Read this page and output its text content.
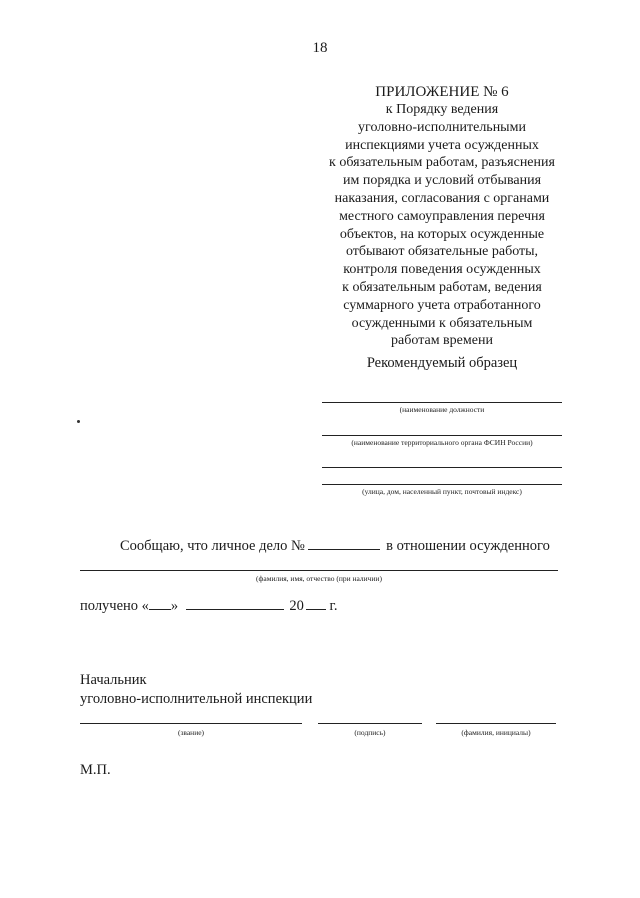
18
ПРИЛОЖЕНИЕ № 6
к Порядку ведения
уголовно-исполнительными
инспекциями учета осужденных
к обязательным работам, разъяснения
им порядка и условий отбывания
наказания, согласования с органами
местного самоуправления перечня
объектов, на которых осужденные
отбывают обязательные работы,
контроля поведения осужденных
к обязательным работам, ведения
суммарного учета отработанного
осужденными к обязательным
работам времени
Рекомендуемый образец
(наименование должности
(наименование территориального органа ФСИН России)
(улица, дом, населенный пункт, почтовый индекс)
Сообщаю, что личное дело №	в отношении осужденного
(фамилия, имя, отчество (при наличии)
получено « »	20 г.
Начальник
уголовно-исполнительной инспекции
(звание)	(подпись)	(фамилия, инициалы)
М.П.
